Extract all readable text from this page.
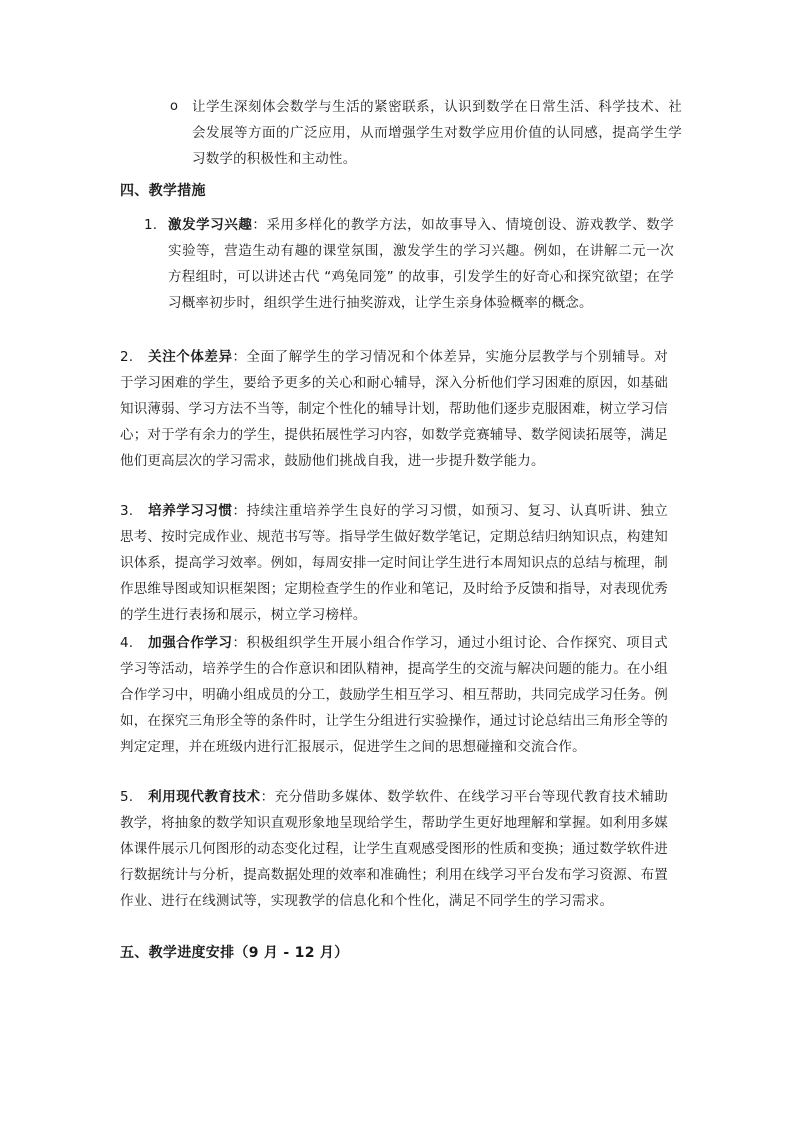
o 让学生深刻体会数学与生活的紧密联系，认识到数学在日常生活、科学技术、社会发展等方面的广泛应用，从而增强学生对数学应用价值的认同感，提高学生学习数学的积极性和主动性。
四、教学措施
1. 激发学习兴趣：采用多样化的教学方法，如故事导入、情境创设、游戏教学、数学实验等，营造生动有趣的课堂氛围，激发学生的学习兴趣。例如，在讲解二元一次方程组时，可以讲述古代 “鸡兔同笼” 的故事，引发学生的好奇心和探究欲望；在学习概率初步时，组织学生进行抽奖游戏，让学生亲身体验概率的概念。
2. 关注个体差异：全面了解学生的学习情况和个体差异，实施分层教学与个别辅导。对于学习困难的学生，要给予更多的关心和耐心辅导，深入分析他们学习困难的原因，如基础知识薄弱、学习方法不当等，制定个性化的辅导计划，帮助他们逐步克服困难，树立学习信心；对于学有余力的学生，提供拓展性学习内容，如数学竞赛辅导、数学阅读拓展等，满足他们更高层次的学习需求，鼓励他们挑战自我，进一步提升数学能力。
3. 培养学习习惯：持续注重培养学生良好的学习习惯，如预习、复习、认真听讲、独立思考、按时完成作业、规范书写等。指导学生做好数学笔记，定期总结归纳知识点，构建知识体系，提高学习效率。例如，每周安排一定时间让学生进行本周知识点的总结与梳理，制作思维导图或知识框架图；定期检查学生的作业和笔记，及时给予反馈和指导，对表现优秀的学生进行表扬和展示，树立学习榜样。
4. 加强合作学习：积极组织学生开展小组合作学习，通过小组讨论、合作探究、项目式学习等活动，培养学生的合作意识和团队精神，提高学生的交流与解决问题的能力。在小组合作学习中，明确小组成员的分工，鼓励学生相互学习、相互帮助，共同完成学习任务。例如，在探究三角形全等的条件时，让学生分组进行实验操作，通过讨论总结出三角形全等的判定定理，并在班级内进行汇报展示，促进学生之间的思想碰撞和交流合作。
5. 利用现代教育技术：充分借助多媒体、数学软件、在线学习平台等现代教育技术辅助教学，将抽象的数学知识直观形象地呈现给学生，帮助学生更好地理解和掌握。如利用多媒体课件展示几何图形的动态变化过程，让学生直观感受图形的性质和变换；通过数学软件进行数据统计与分析，提高数据处理的效率和准确性；利用在线学习平台发布学习资源、布置作业、进行在线测试等，实现教学的信息化和个性化，满足不同学生的学习需求。
五、教学进度安排（9 月 - 12 月）
